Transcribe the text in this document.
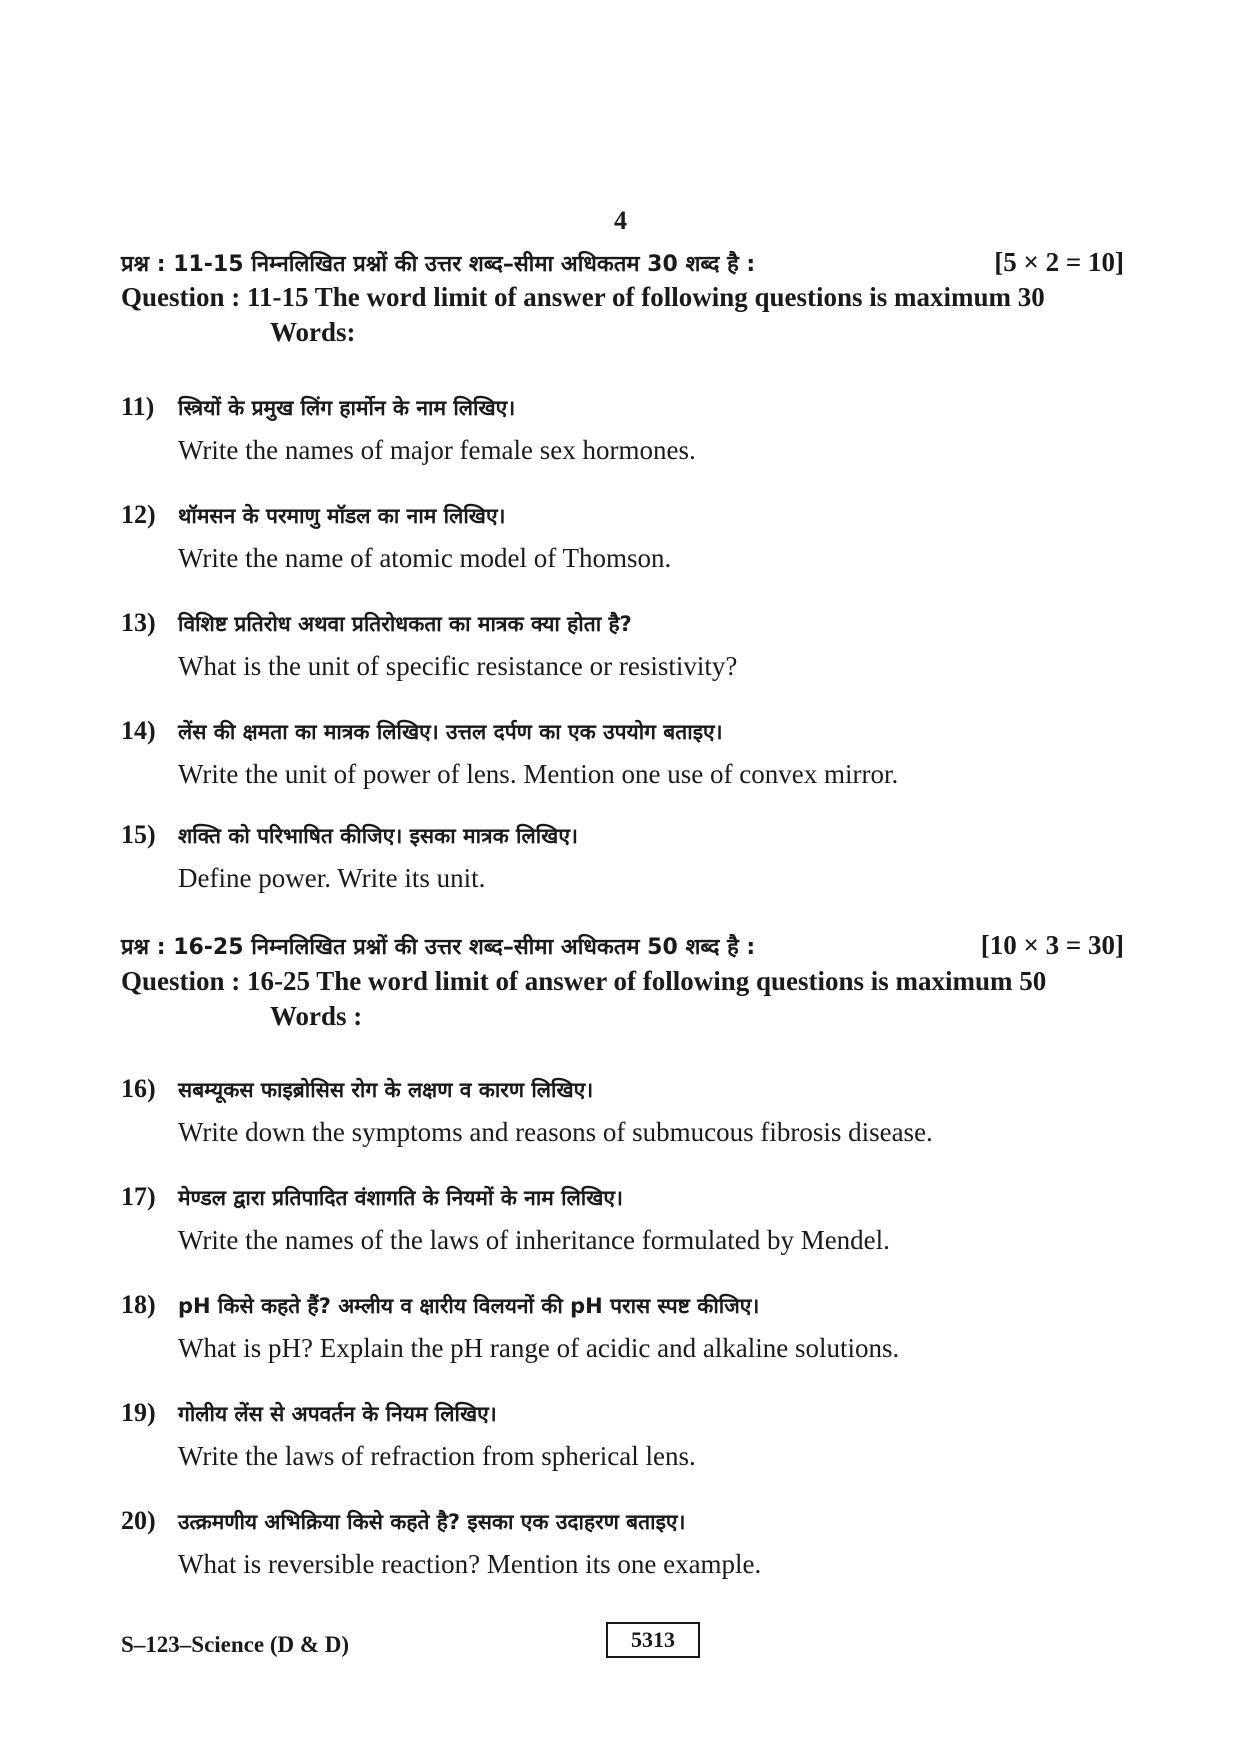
4
प्रश्न : 11-15 निम्नलिखित प्रश्नों की उत्तर शब्द–सीमा अधिकतम 30 शब्द है :	[5 × 2 = 10]
Question : 11-15 The word limit of answer of following questions is maximum 30
Words:
11)	स्त्रियों के प्रमुख लिंग हार्मोन के नाम लिखिए।
Write the names of major female sex hormones.
12)	थॉमसन के परमाणु मॉडल का नाम लिखिए।
Write the name of atomic model of Thomson.
13)	विशिष्ट प्रतिरोध अथवा प्रतिरोधकता का मात्रक क्या होता है?
What is the unit of specific resistance or resistivity?
14)	लेंस की क्षमता का मात्रक लिखिए। उत्तल दर्पण का एक उपयोग बताइए।
Write the unit of power of lens. Mention one use of convex mirror.
15)	शक्ति को परिभाषित कीजिए। इसका मात्रक लिखिए।
Define power. Write its unit.
प्रश्न : 16-25 निम्नलिखित प्रश्नों की उत्तर शब्द–सीमा अधिकतम 50 शब्द है :	[10 × 3 = 30]
Question : 16-25 The word limit of answer of following questions is maximum 50
Words :
16)	सबम्यूकस फाइब्रोसिस रोग के लक्षण व कारण लिखिए।
Write down the symptoms and reasons of submucous fibrosis disease.
17)	मेण्डल द्वारा प्रतिपादित वंशागति के नियमों के नाम लिखिए।
Write the names of the laws of inheritance formulated by Mendel.
18)	pH किसे कहते हैं? अम्लीय व क्षारीय विलयनों की pH परास स्पष्ट कीजिए।
What is pH? Explain the pH range of acidic and alkaline solutions.
19)	गोलीय लेंस से अपवर्तन के नियम लिखिए।
Write the laws of refraction from spherical lens.
20)	उत्क्रमणीय अभिक्रिया किसे कहते है? इसका एक उदाहरण बताइए।
What is reversible reaction? Mention its one example.
S–123–Science (D & D)	5313
